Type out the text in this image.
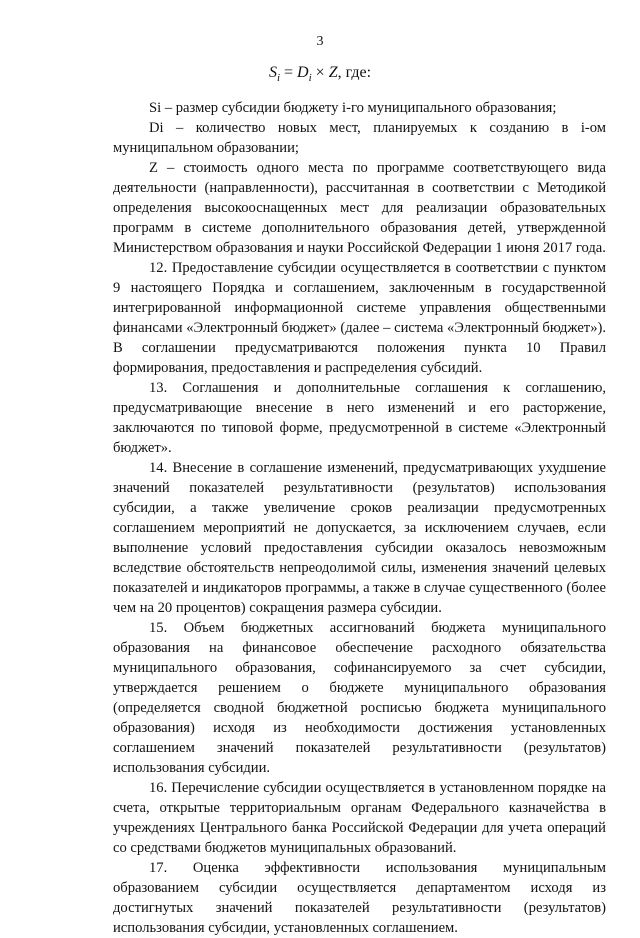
3
$S_i = D_i \times Z$, где:

Si – размер субсидии бюджету i-го муниципального образования;

Di – количество новых мест, планируемых к созданию в i-ом муниципальном образовании;

Z – стоимость одного места по программе соответствующего вида деятельности (направленности), рассчитанная в соответствии с Методикой определения высокооснащенных мест для реализации образовательных программ в системе дополнительного образования детей, утвержденной Министерством образования и науки Российской Федерации 1 июня 2017 года.

12. Предоставление субсидии осуществляется в соответствии с пунктом 9 настоящего Порядка и соглашением, заключенным в государственной интегрированной информационной системе управления общественными финансами «Электронный бюджет» (далее – система «Электронный бюджет»). В соглашении предусматриваются положения пункта 10 Правил формирования, предоставления и распределения субсидий.

13. Соглашения и дополнительные соглашения к соглашению, предусматривающие внесение в него изменений и его расторжение, заключаются по типовой форме, предусмотренной в системе «Электронный бюджет».

14. Внесение в соглашение изменений, предусматривающих ухудшение значений показателей результативности (результатов) использования субсидии, а также увеличение сроков реализации предусмотренных соглашением мероприятий не допускается, за исключением случаев, если выполнение условий предоставления субсидии оказалось невозможным вследствие обстоятельств непреодолимой силы, изменения значений целевых показателей и индикаторов программы, а также в случае существенного (более чем на 20 процентов) сокращения размера субсидии.

15. Объем бюджетных ассигнований бюджета муниципального образования на финансовое обеспечение расходного обязательства муниципального образования, софинансируемого за счет субсидии, утверждается решением о бюджете муниципального образования (определяется сводной бюджетной росписью бюджета муниципального образования) исходя из необходимости достижения установленных соглашением значений показателей результативности (результатов) использования субсидии.

16. Перечисление субсидии осуществляется в установленном порядке на счета, открытые территориальным органам Федерального казначейства в учреждениях Центрального банка Российской Федерации для учета операций со средствами бюджетов муниципальных образований.

17. Оценка эффективности использования муниципальным образованием субсидии осуществляется департаментом исходя из достигнутых значений показателей результативности (результатов) использования субсидии, установленных соглашением.
